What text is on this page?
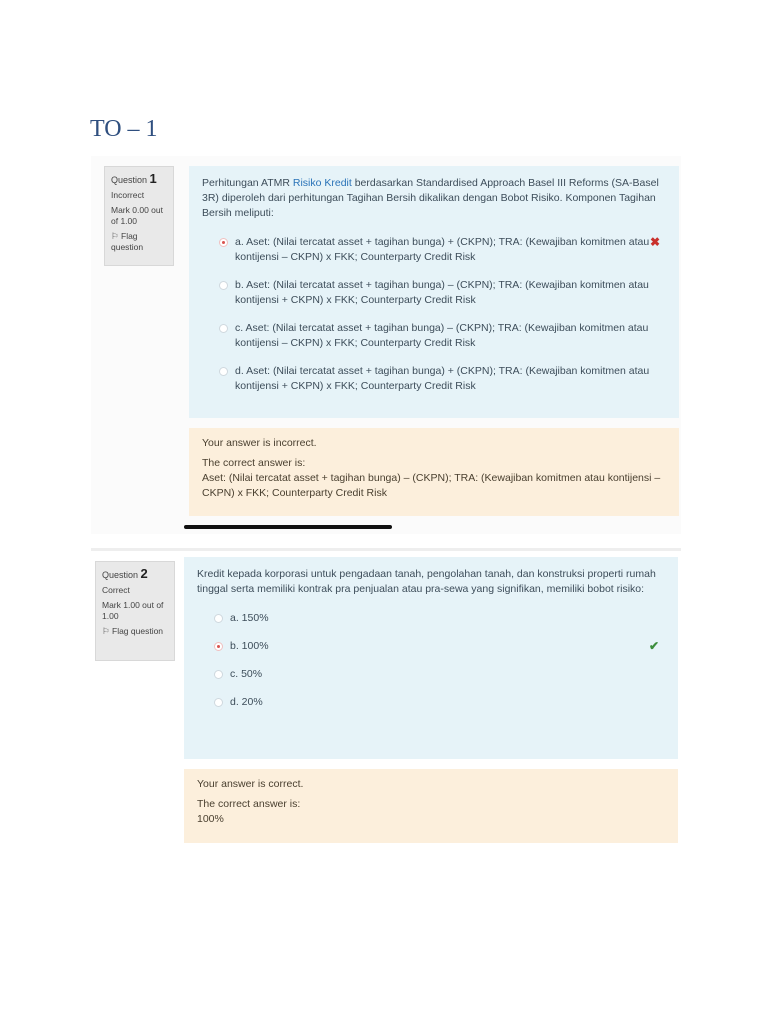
TO – 1
Question 1
Incorrect
Mark 0.00 out of 1.00
⚐ Flag question
Perhitungan ATMR Risiko Kredit berdasarkan Standardised Approach Basel III Reforms (SA-Basel 3R) diperoleh dari perhitungan Tagihan Bersih dikalikan dengan Bobot Risiko. Komponen Tagihan Bersih meliputi:
a. Aset: (Nilai tercatat asset + tagihan bunga) + (CKPN); TRA: (Kewajiban komitmen atau kontijensi – CKPN) x FKK; Counterparty Credit Risk
✖
b. Aset: (Nilai tercatat asset + tagihan bunga) – (CKPN); TRA: (Kewajiban komitmen atau kontijensi + CKPN) x FKK; Counterparty Credit Risk
c. Aset: (Nilai tercatat asset + tagihan bunga) – (CKPN); TRA: (Kewajiban komitmen atau kontijensi – CKPN) x FKK; Counterparty Credit Risk
d. Aset: (Nilai tercatat asset + tagihan bunga) + (CKPN); TRA: (Kewajiban komitmen atau kontijensi + CKPN) x FKK; Counterparty Credit Risk
Your answer is incorrect.
The correct answer is:
Aset: (Nilai tercatat asset + tagihan bunga) – (CKPN); TRA: (Kewajiban komitmen atau kontijensi – CKPN) x FKK; Counterparty Credit Risk
Question 2
Correct
Mark 1.00 out of 1.00
⚐ Flag question
Kredit kepada korporasi untuk pengadaan tanah, pengolahan tanah, dan konstruksi properti rumah tinggal serta memiliki kontrak pra penjualan atau pra-sewa yang signifikan, memiliki bobot risiko:
a. 150%
b. 100%	✔
c. 50%
d. 20%
Your answer is correct.
The correct answer is:
100%
